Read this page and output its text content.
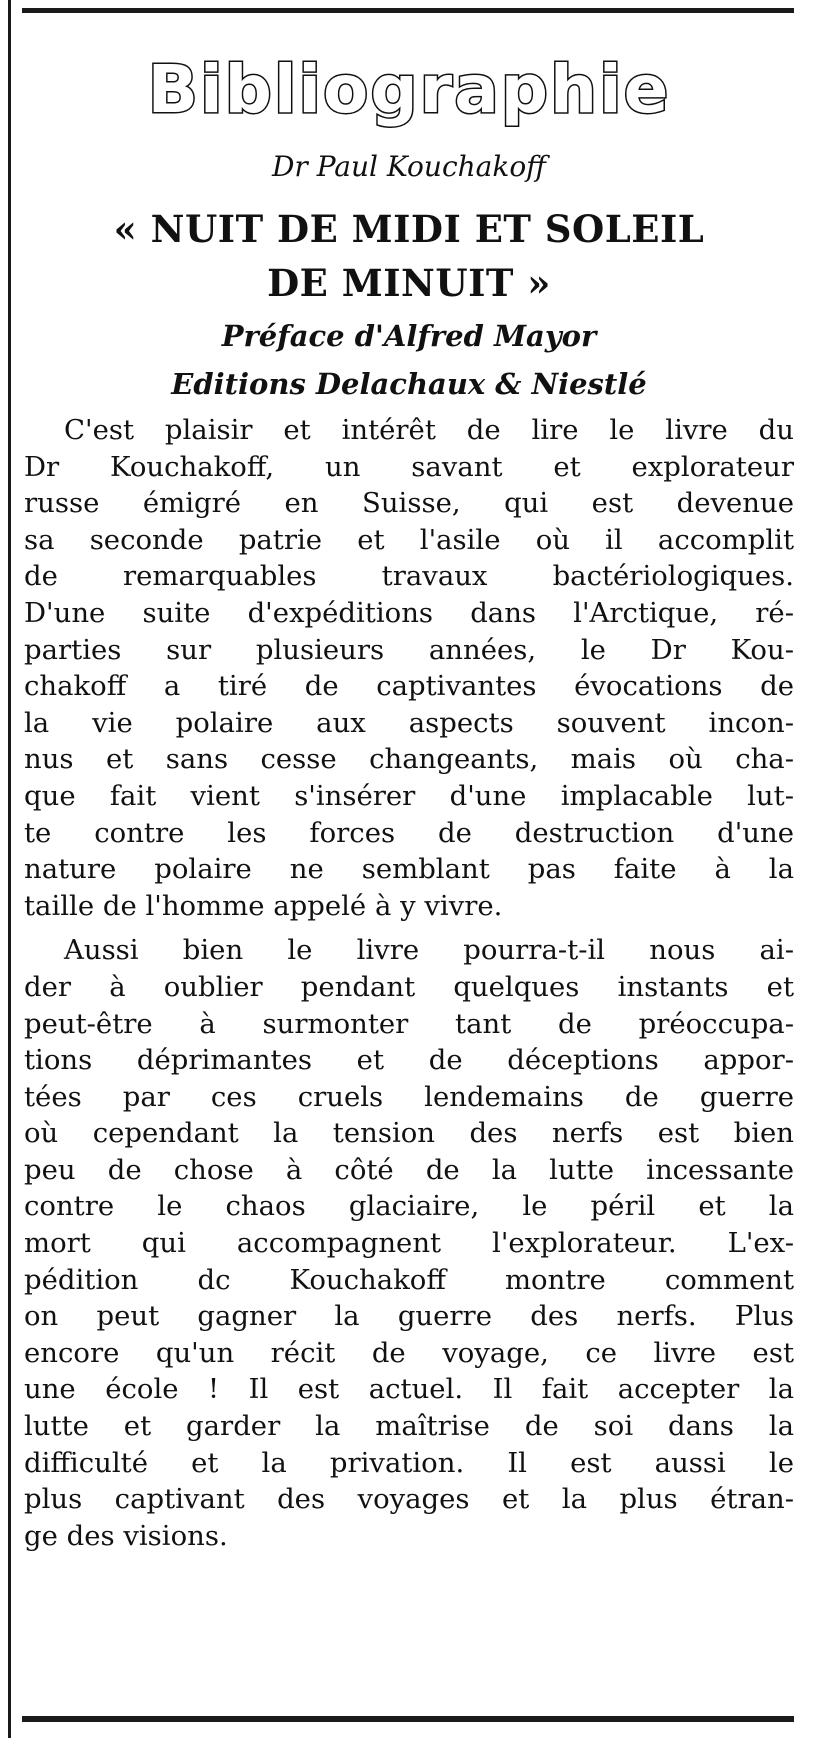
Bibliographie
Dr Paul Kouchakoff
« NUIT DE MIDI ET SOLEIL
DE MINUIT »
Préface d'Alfred Mayor
Editions Delachaux & Niestlé
C'est plaisir et intérêt de lire le livre du
Dr Kouchakoff, un savant et explorateur
russe émigré en Suisse, qui est devenue
sa seconde patrie et l'asile où il accomplit
de remarquables travaux bactériologiques.
D'une suite d'expéditions dans l'Arctique, ré-
parties sur plusieurs années, le Dr Kou-
chakoff a tiré de captivantes évocations de
la vie polaire aux aspects souvent incon-
nus et sans cesse changeants, mais où cha-
que fait vient s'insérer d'une implacable lut-
te contre les forces de destruction d'une
nature polaire ne semblant pas faite à la
taille de l'homme appelé à y vivre.
Aussi bien le livre pourra-t-il nous ai-
der à oublier pendant quelques instants et
peut-être à surmonter tant de préoccupa-
tions déprimantes et de déceptions appor-
tées par ces cruels lendemains de guerre
où cependant la tension des nerfs est bien
peu de chose à côté de la lutte incessante
contre le chaos glaciaire, le péril et la
mort qui accompagnent l'explorateur. L'ex-
pédition dc Kouchakoff montre comment
on peut gagner la guerre des nerfs. Plus
encore qu'un récit de voyage, ce livre est
une école ! Il est actuel. Il fait accepter la
lutte et garder la maîtrise de soi dans la
difficulté et la privation. Il est aussi le
plus captivant des voyages et la plus étran-
ge des visions.
